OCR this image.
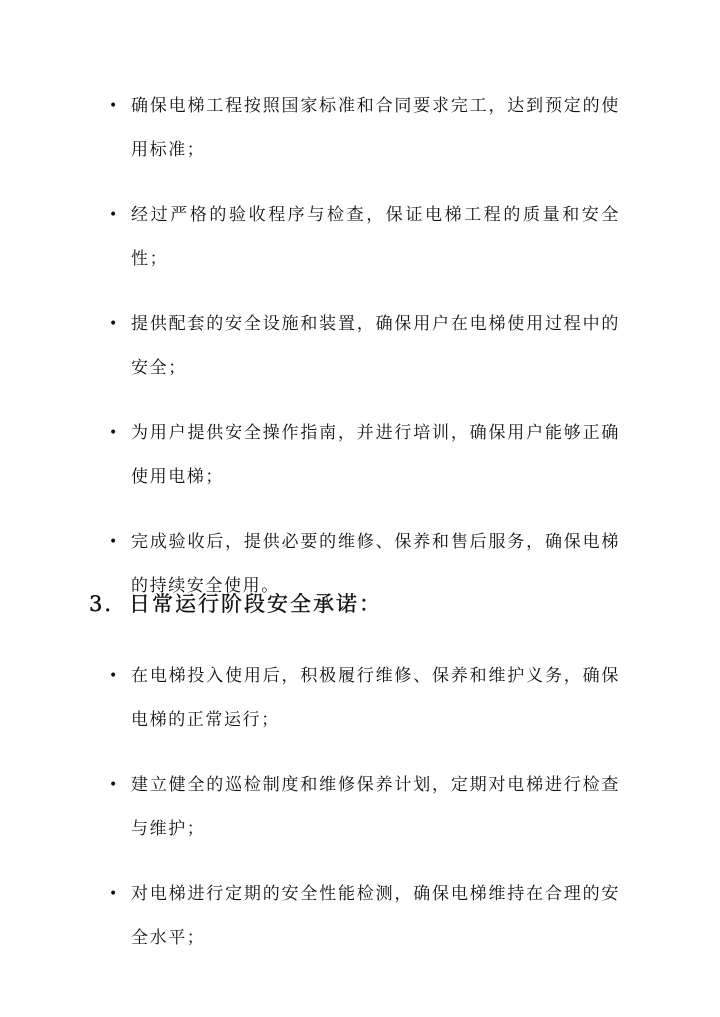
• 确保电梯工程按照国家标准和合同要求完工，达到预定的使用标准；
• 经过严格的验收程序与检查，保证电梯工程的质量和安全性；
• 提供配套的安全设施和装置，确保用户在电梯使用过程中的安全；
• 为用户提供安全操作指南，并进行培训，确保用户能够正确使用电梯；
• 完成验收后，提供必要的维修、保养和售后服务，确保电梯的持续安全使用。
3. 日常运行阶段安全承诺：
• 在电梯投入使用后，积极履行维修、保养和维护义务，确保电梯的正常运行；
• 建立健全的巡检制度和维修保养计划，定期对电梯进行检查与维护；
• 对电梯进行定期的安全性能检测，确保电梯维持在合理的安全水平；
